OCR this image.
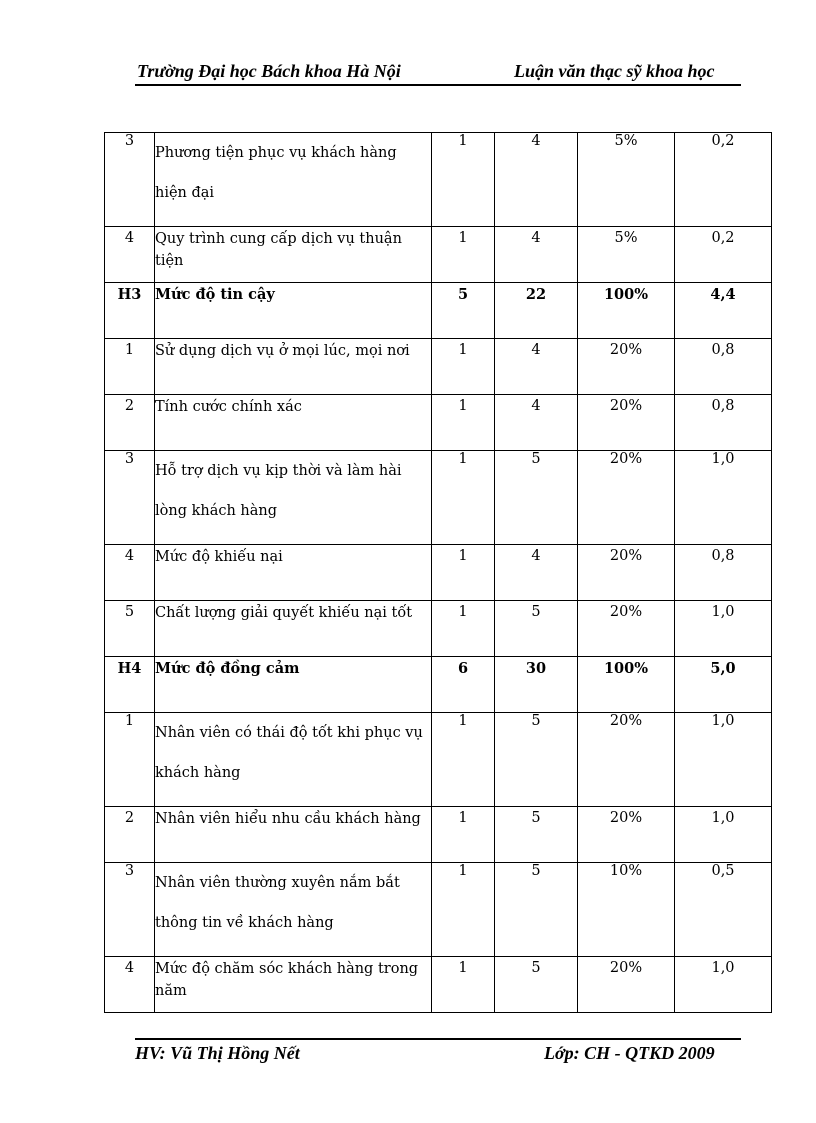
Trường Đại học Bách khoa Hà Nội	Luận văn thạc sỹ khoa học
3	Phương tiện phục vụ khách hàng hiện đại	1	4	5%	0,2
4	Quy trình cung cấp dịch vụ thuận tiện	1	4	5%	0,2
H3	Mức độ tin cậy	5	22	100%	4,4
1	Sử dụng dịch vụ ở mọi lúc, mọi nơi	1	4	20%	0,8
2	Tính cước chính xác	1	4	20%	0,8
3	Hỗ trợ dịch vụ kịp thời và làm hài lòng khách hàng	1	5	20%	1,0
4	Mức độ khiếu nại	1	4	20%	0,8
5	Chất lượng giải quyết khiếu nại tốt	1	5	20%	1,0
H4	Mức độ đồng cảm	6	30	100%	5,0
1	Nhân viên có thái độ tốt khi phục vụ khách hàng	1	5	20%	1,0
2	Nhân viên hiểu nhu cầu khách hàng	1	5	20%	1,0
3	Nhân viên thường xuyên nắm bắt thông tin về khách hàng	1	5	10%	0,5
4	Mức độ chăm sóc khách hàng trong năm	1	5	20%	1,0
HV: Vũ Thị Hồng Nết	Lớp: CH - QTKD 2009
